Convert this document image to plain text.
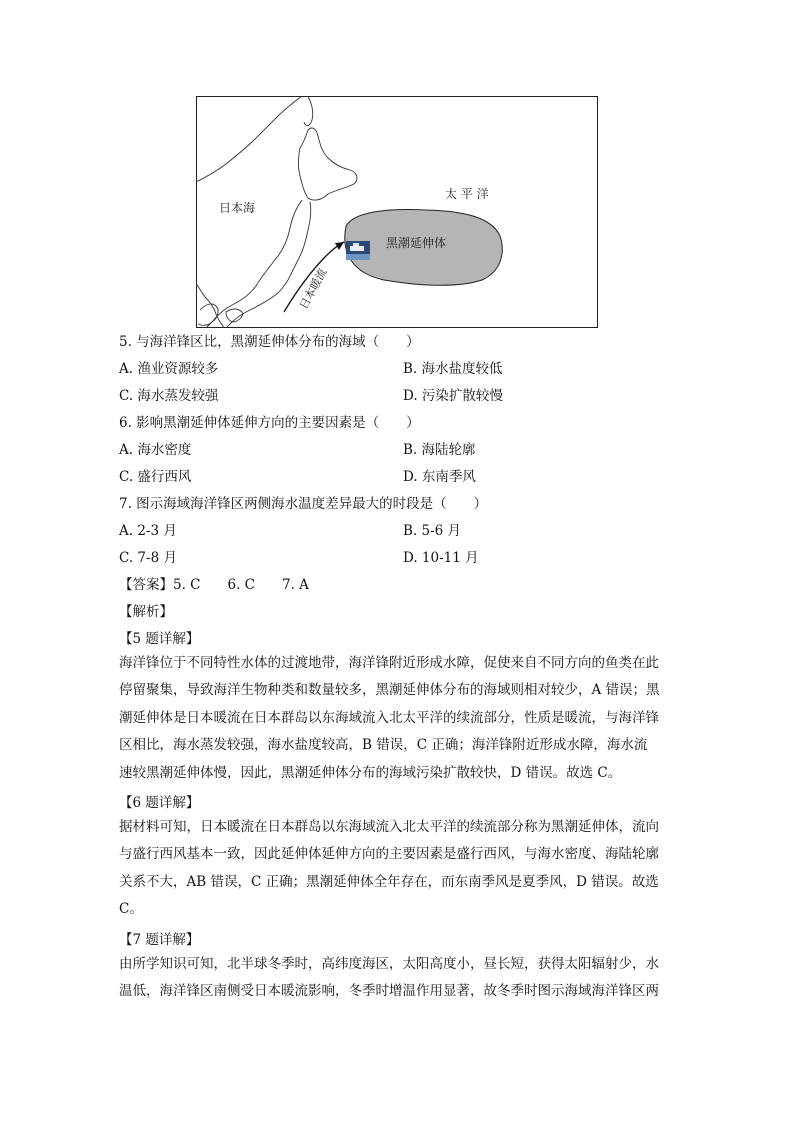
日本海
太 平 洋
黑潮延伸体
日本暖流
5. 与海洋锋区比，黑潮延伸体分布的海域（　　）
A. 渔业资源较多	B. 海水盐度较低
C. 海水蒸发较强	D. 污染扩散较慢
6. 影响黑潮延伸体延伸方向的主要因素是（　　）
A. 海水密度	B. 海陆轮廓
C. 盛行西风	D. 东南季风
7. 图示海域海洋锋区两侧海水温度差异最大的时段是（　　）
A. 2-3 月	B. 5-6 月
C. 7-8 月	D. 10-11 月
【答案】5. C　　6. C　　7. A
【解析】
【5 题详解】
海洋锋位于不同特性水体的过渡地带，海洋锋附近形成水障，促使来自不同方向的鱼类在此
停留聚集，导致海洋生物种类和数量较多，黑潮延伸体分布的海域则相对较少，A 错误；黑
潮延伸体是日本暖流在日本群岛以东海域流入北太平洋的续流部分，性质是暖流，与海洋锋
区相比，海水蒸发较强，海水盐度较高，B 错误，C 正确；海洋锋附近形成水障，海水流
速较黑潮延伸体慢，因此，黑潮延伸体分布的海域污染扩散较快，D 错误。故选 C。
【6 题详解】
据材料可知，日本暖流在日本群岛以东海域流入北太平洋的续流部分称为黑潮延伸体，流向
与盛行西风基本一致，因此延伸体延伸方向的主要因素是盛行西风，与海水密度、海陆轮廓
关系不大，AB 错误，C 正确；黑潮延伸体全年存在，而东南季风是夏季风，D 错误。故选
C。
【7 题详解】
由所学知识可知，北半球冬季时，高纬度海区，太阳高度小，昼长短，获得太阳辐射少，水
温低，海洋锋区南侧受日本暖流影响，冬季时增温作用显著，故冬季时图示海域海洋锋区两
